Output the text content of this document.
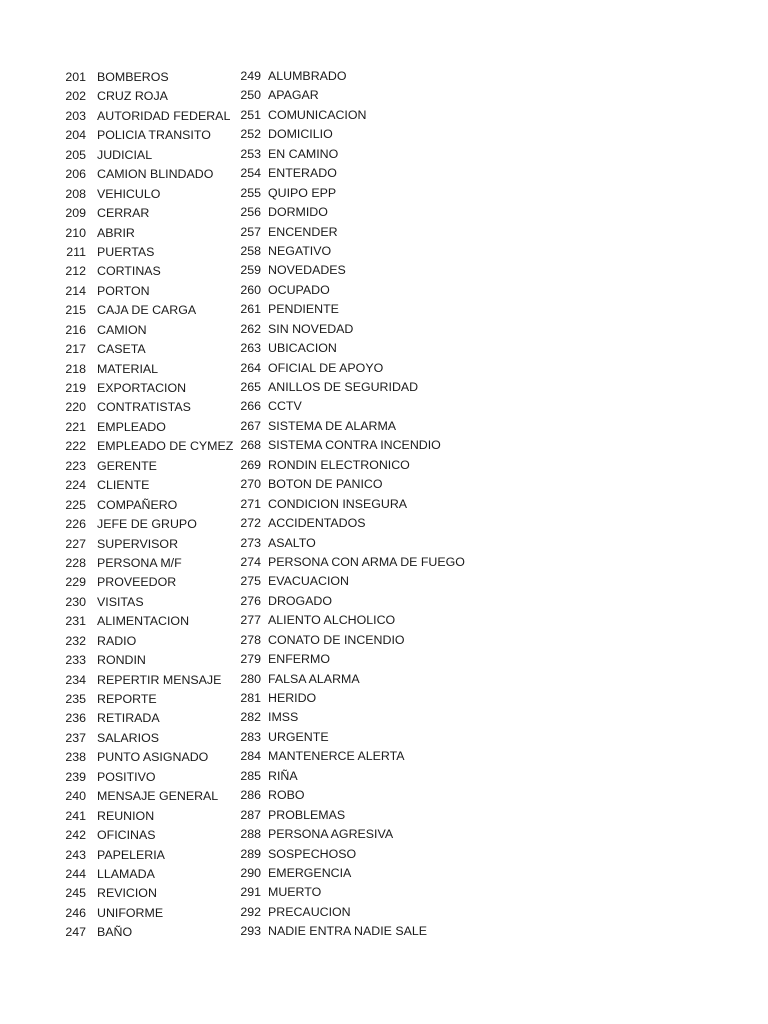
201 BOMBEROS
202 CRUZ ROJA
203 AUTORIDAD FEDERAL
204 POLICIA TRANSITO
205 JUDICIAL
206 CAMION BLINDADO
208 VEHICULO
209 CERRAR
210 ABRIR
211 PUERTAS
212 CORTINAS
214 PORTON
215 CAJA DE CARGA
216 CAMION
217 CASETA
218 MATERIAL
219 EXPORTACION
220 CONTRATISTAS
221 EMPLEADO
222 EMPLEADO DE CYMEZ
223 GERENTE
224 CLIENTE
225 COMPAÑERO
226 JEFE DE GRUPO
227 SUPERVISOR
228 PERSONA M/F
229 PROVEEDOR
230 VISITAS
231 ALIMENTACION
232 RADIO
233 RONDIN
234 REPERTIR MENSAJE
235 REPORTE
236 RETIRADA
237 SALARIOS
238 PUNTO ASIGNADO
239 POSITIVO
240 MENSAJE GENERAL
241 REUNION
242 OFICINAS
243 PAPELERIA
244 LLAMADA
245 REVICION
246 UNIFORME
247 BAÑO
249 ALUMBRADO
250 APAGAR
251 COMUNICACION
252 DOMICILIO
253 EN CAMINO
254 ENTERADO
255 QUIPO EPP
256 DORMIDO
257 ENCENDER
258 NEGATIVO
259 NOVEDADES
260 OCUPADO
261 PENDIENTE
262 SIN NOVEDAD
263 UBICACION
264 OFICIAL DE APOYO
265 ANILLOS DE SEGURIDAD
266 CCTV
267 SISTEMA DE ALARMA
268 SISTEMA CONTRA INCENDIO
269 RONDIN ELECTRONICO
270 BOTON DE PANICO
271 CONDICION INSEGURA
272 ACCIDENTADOS
273 ASALTO
274 PERSONA CON ARMA DE FUEGO
275 EVACUACION
276 DROGADO
277 ALIENTO ALCHOLICO
278 CONATO DE INCENDIO
279 ENFERMO
280 FALSA ALARMA
281 HERIDO
282 IMSS
283 URGENTE
284 MANTENERCE ALERTA
285 RIÑA
286 ROBO
287 PROBLEMAS
288 PERSONA AGRESIVA
289 SOSPECHOSO
290 EMERGENCIA
291 MUERTO
292 PRECAUCION
293 NADIE ENTRA NADIE SALE
